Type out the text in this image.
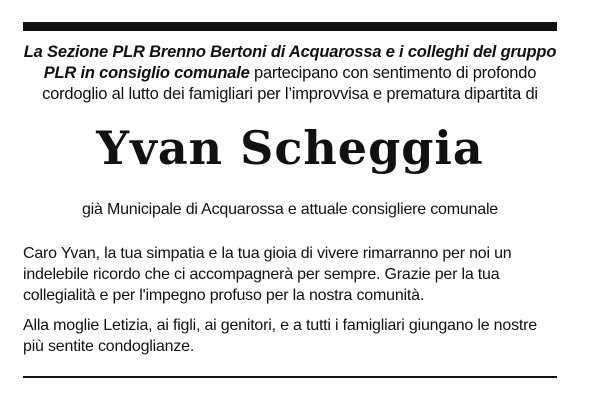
La Sezione PLR Brenno Bertoni di Acquarossa e i colleghi del gruppo PLR in consiglio comunale partecipano con sentimento di profondo cordoglio al lutto dei famigliari per l’improvvisa e prematura dipartita di

Yvan Scheggia

già Municipale di Acquarossa e attuale consigliere comunale

Caro Yvan, la tua simpatia e la tua gioia di vivere rimarranno per noi un indelebile ricordo che ci accompagnerà per sempre. Grazie per la tua collegialità e per l'impegno profuso per la nostra comunità.

Alla moglie Letizia, ai figli, ai genitori, e a tutti i famigliari giungano le nostre più sentite condoglianze.
